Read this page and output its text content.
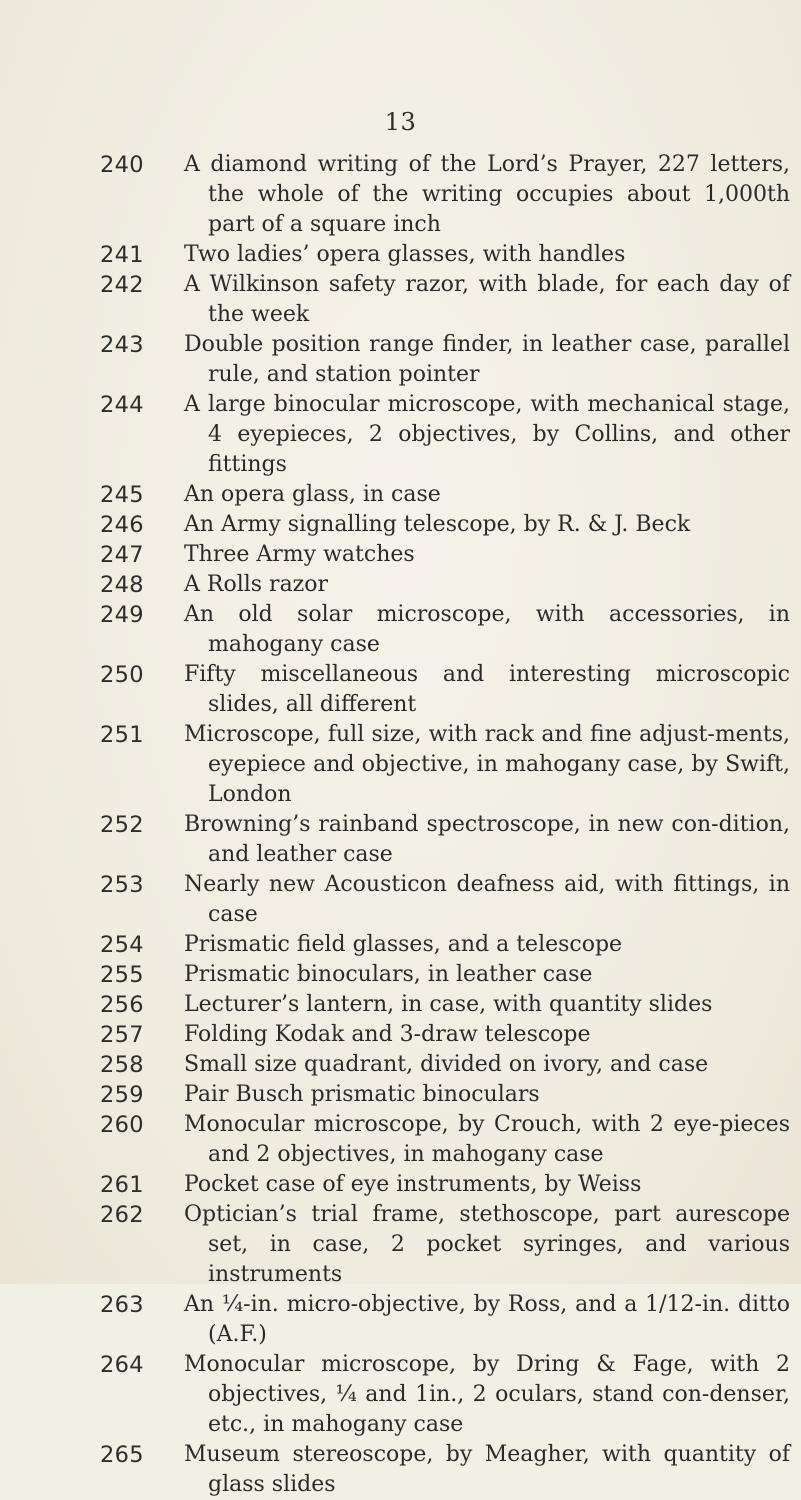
13
240	A diamond writing of the Lord’s Prayer, 227 letters, the whole of the writing occupies about 1,000th part of a square inch
241	Two ladies’ opera glasses, with handles
242	A Wilkinson safety razor, with blade, for each day of the week
243	Double position range finder, in leather case, parallel rule, and station pointer
244	A large binocular microscope, with mechanical stage, 4 eyepieces, 2 objectives, by Collins, and other fittings
245	An opera glass, in case
246	An Army signalling telescope, by R. & J. Beck
247	Three Army watches
248	A Rolls razor
249	An old solar microscope, with accessories, in mahogany case
250	Fifty miscellaneous and interesting microscopic slides, all different
251	Microscope, full size, with rack and fine adjust-ments, eyepiece and objective, in mahogany case, by Swift, London
252	Browning’s rainband spectroscope, in new con-dition, and leather case
253	Nearly new Acousticon deafness aid, with fittings, in case
254	Prismatic field glasses, and a telescope
255	Prismatic binoculars, in leather case
256	Lecturer’s lantern, in case, with quantity slides
257	Folding Kodak and 3-draw telescope
258	Small size quadrant, divided on ivory, and case
259	Pair Busch prismatic binoculars
260	Monocular microscope, by Crouch, with 2 eye-pieces and 2 objectives, in mahogany case
261	Pocket case of eye instruments, by Weiss
262	Optician’s trial frame, stethoscope, part aurescope set, in case, 2 pocket syringes, and various instruments
263	An ¼-in. micro-objective, by Ross, and a 1/12-in. ditto (A.F.)
264	Monocular microscope, by Dring & Fage, with 2 objectives, ¼ and 1in., 2 oculars, stand con-denser, etc., in mahogany case
265	Museum stereoscope, by Meagher, with quantity of glass slides
